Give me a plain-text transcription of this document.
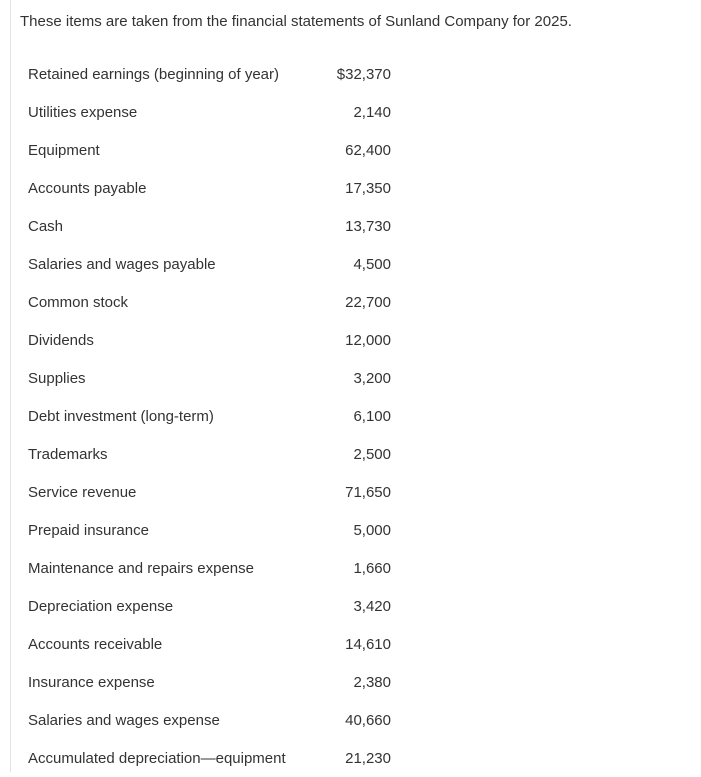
These items are taken from the financial statements of Sunland Company for 2025.

Retained earnings (beginning of year)	$32,370
Utilities expense	2,140
Equipment	62,400
Accounts payable	17,350
Cash	13,730
Salaries and wages payable	4,500
Common stock	22,700
Dividends	12,000
Supplies	3,200
Debt investment (long-term)	6,100
Trademarks	2,500
Service revenue	71,650
Prepaid insurance	5,000
Maintenance and repairs expense	1,660
Depreciation expense	3,420
Accounts receivable	14,610
Insurance expense	2,380
Salaries and wages expense	40,660
Accumulated depreciation—equipment	21,230
